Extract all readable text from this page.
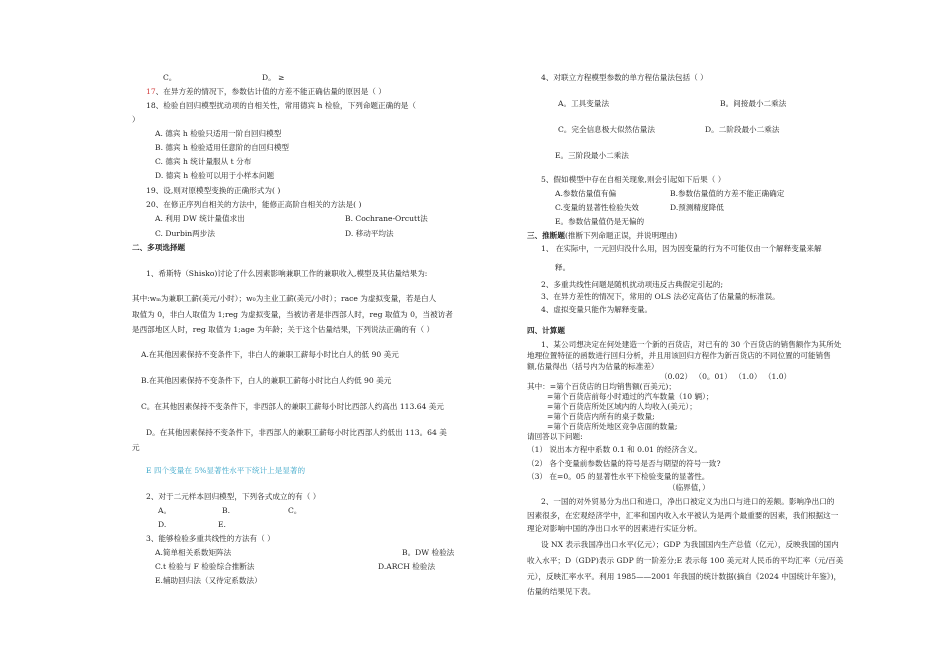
C。	D。 ≥
17、在异方差的情况下，参数估计值的方差不能正确估量的原因是（ ）
18、检验自回归模型扰动项的自相关性，常用德宾 h 检验，下列命题正确的是（
）
A. 德宾 h 检验只适用一阶自回归模型
B. 德宾 h 检验适用任意阶的自回归模型
C. 德宾 h 统计量服从 t 分布
D. 德宾 h 检验可以用于小样本问题
19、设,则对原模型变换的正确形式为( )
20、在修正序列自相关的方法中，能修正高阶自相关的方法是( )
A. 利用 DW 统计量值求出	B. Cochrane-Orcutt法
C. Durbin两步法	D. 移动平均法
二、多项选择题
1、希斯特（Shisko)讨论了什么因素影响兼职工作的兼职收入,模型及其估量结果为:
其中:wₘ为兼职工薪(美元/小时）；w₀为主业工薪(美元/小时）；race 为虚拟变量，若是白人
取值为 0，非白人取值为 1;reg 为虚拟变量，当被访者是非西部人时，reg 取值为 0，当被访者
是西部地区人时，reg 取值为 1;age 为年龄；关于这个估量结果，下列说法正确的有（ ）
A.在其他因素保持不变条件下，非白人的兼职工薪每小时比白人的低 90 美元
B.在其他因素保持不变条件下，白人的兼职工薪每小时比白人约低 90 美元
C。在其他因素保持不变条件下，非西部人的兼职工薪每小时比西部人约高出 113.64 美元
D。在其他因素保持不变条件下，非西部人的兼职工薪每小时比西部人约低出 113。64 美
元
E 四个变量在 5%显著性水平下统计上是显著的
2、对于二元样本回归模型，下列各式成立的有（ ）
A。	B.	C。
D.	E.
3、能够检验多重共线性的方法有（ ）
A.简单相关系数矩阵法	B。DW 检验法
C.t 检验与 F 检验综合推断法	D.ARCH 检验法
E.辅助回归法（又待定系数法）
4、对联立方程模型参数的单方程估量法包括（ ）
A。工具变量法	B。间接最小二乘法
C。完全信息极大似然估量法	D。二阶段最小二乘法
E。三阶段最小二乘法
5、假如模型中存在自相关现象,则会引起如下后果（ ）
A.参数估量值有偏	B.参数估量值的方差不能正确确定
C.变量的显著性检验失效	D.预测精度降低
E。参数估量值仍是无偏的
三、推断题(推断下列命题正误，并说明理由)
1、 在实际中，一元回归没什么用，因为因变量的行为不可能仅由一个解释变量来解
释。
2、多重共线性问题是随机扰动项违反古典假定引起的;
3、在异方差性的情况下，常用的 OLS 法必定高估了估量量的标准误。
4、虚拟变量只能作为解释变量。
四、计算题
1、某公司想决定在何处建造一个新的百货店，对已有的 30 个百货店的销售额作为其所处
地理位置特征的函数进行回归分析，并且用该回归方程作为新百货店的不同位置的可能销售
额,估量得出（括号内为估量的标准差）
（0.02） （0。01） （1.0） （1.0）
其中：=第个百货店的日均销售额(百美元)；
=第个百货店前每小时通过的汽车数量（10 辆）；
=第个百货店所处区域内的人均收入(美元）；
=第个百货店内所有的桌子数量;
=第个百货店所处地区竞争店面的数量;
请回答以下问题:
（1） 说出本方程中系数 0.1 和 0.01 的经济含义。
（2） 各个变量前参数估量的符号是否与期望的符号一致?
（3） 在=0。05 的显著性水平下检验变量的显著性。
（临界值，）
2、一国的对外贸易分为出口和进口，净出口被定义为出口与进口的差额。影响净出口的
因素很多，在宏观经济学中，汇率和国内收入水平被认为是两个最重要的因素，我们根据这一
理论对影响中国的净出口水平的因素进行实证分析。
设 NX 表示我国净出口水平(亿元）；GDP 为我国国内生产总值（亿元），反映我国的国内
收入水平；D（GDP)表示 GDP 的一阶差分;E 表示每 100 美元对人民币的平均汇率（元/百美
元），反映汇率水平。利用 1985——2001 年我国的统计数据(摘自《2024 中国统计年鉴》)，
估量的结果见下表。
